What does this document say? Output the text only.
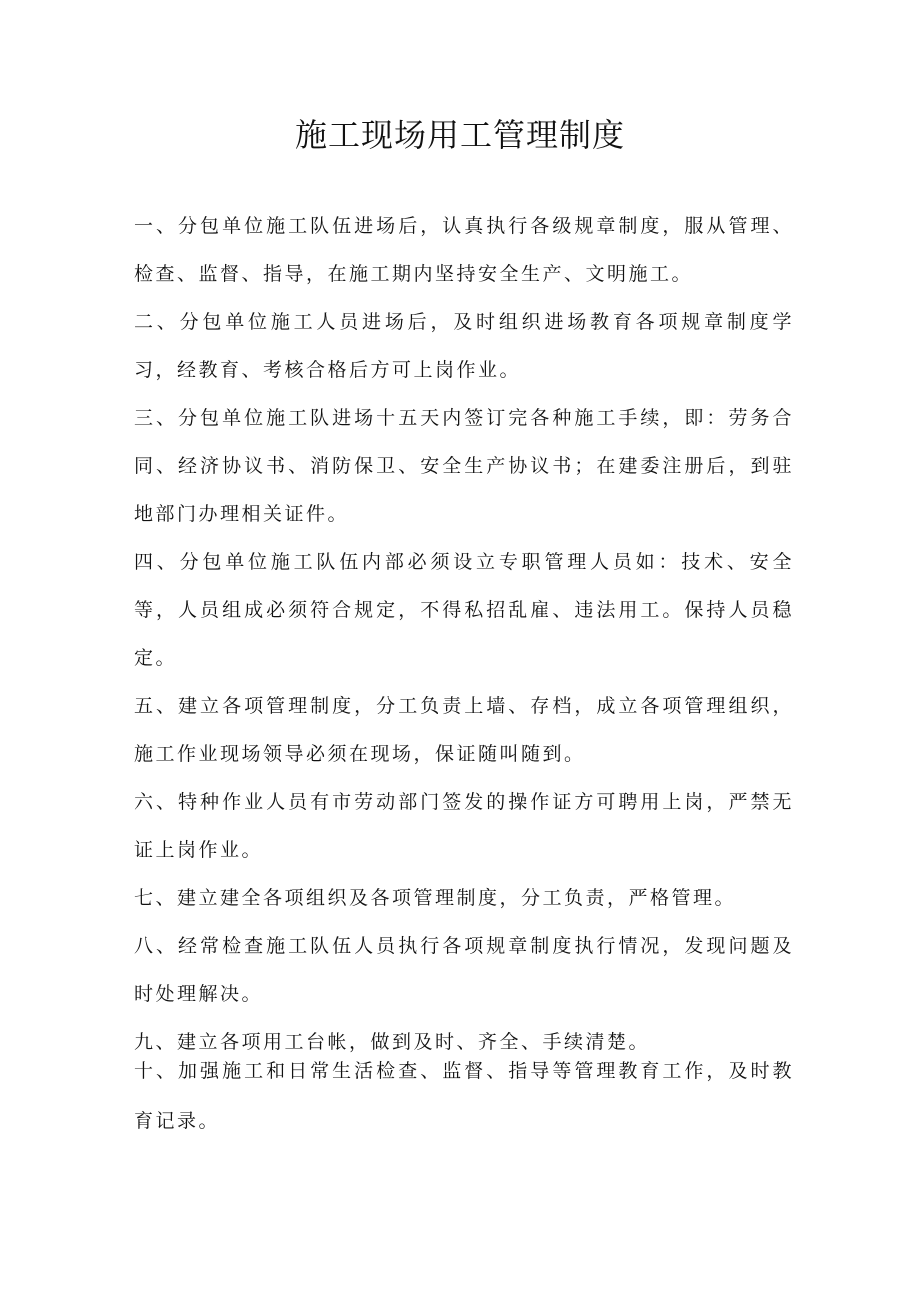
施工现场用工管理制度

一、分包单位施工队伍进场后，认真执行各级规章制度，服从管理、检查、监督、指导，在施工期内坚持安全生产、文明施工。

二、分包单位施工人员进场后，及时组织进场教育各项规章制度学习，经教育、考核合格后方可上岗作业。

三、分包单位施工队进场十五天内签订完各种施工手续，即：劳务合同、经济协议书、消防保卫、安全生产协议书；在建委注册后，到驻地部门办理相关证件。

四、分包单位施工队伍内部必须设立专职管理人员如：技术、安全等，人员组成必须符合规定，不得私招乱雇、违法用工。保持人员稳定。

五、建立各项管理制度，分工负责上墙、存档，成立各项管理组织，施工作业现场领导必须在现场，保证随叫随到。

六、特种作业人员有市劳动部门签发的操作证方可聘用上岗，严禁无证上岗作业。

七、建立建全各项组织及各项管理制度，分工负责，严格管理。

八、经常检查施工队伍人员执行各项规章制度执行情况，发现问题及时处理解决。

九、建立各项用工台帐，做到及时、齐全、手续清楚。

十、加强施工和日常生活检查、监督、指导等管理教育工作，及时教育记录。
